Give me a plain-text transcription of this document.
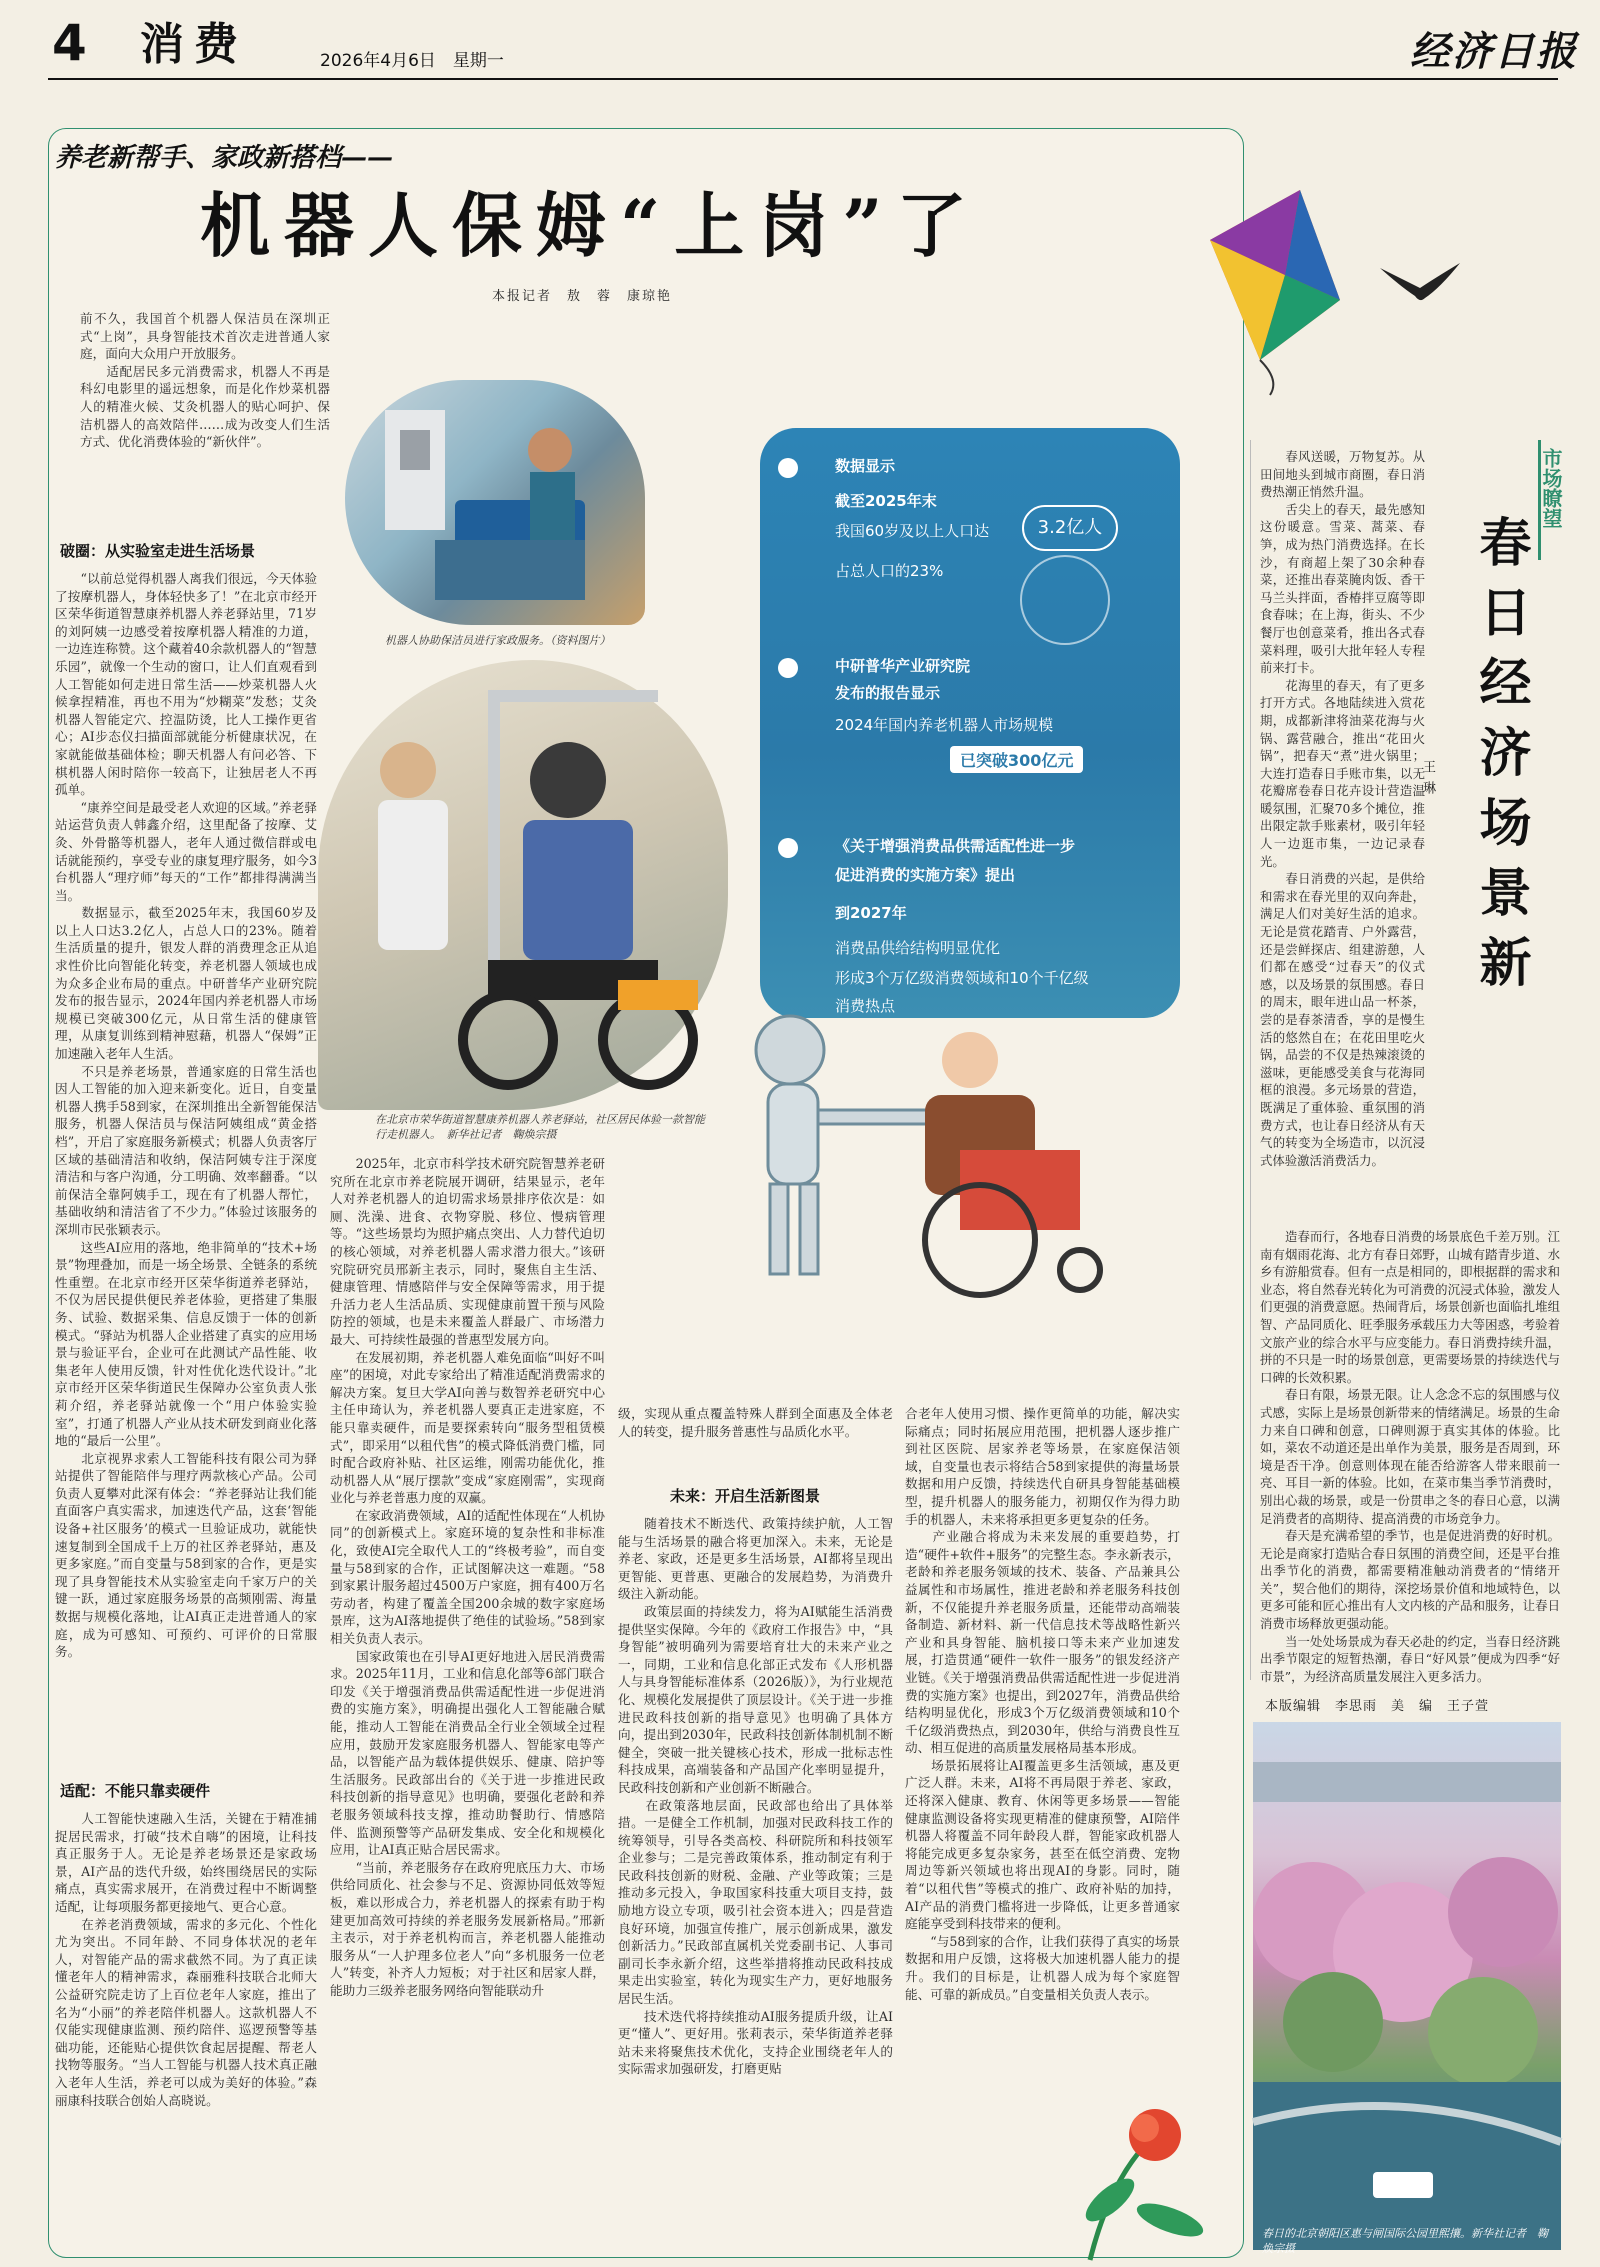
4 消费	2026年4月6日　星期一	经济日报
养老新帮手、家政新搭档——
机器人保姆“上岗”了
本报记者　敖　蓉　康琼艳
前不久，我国首个机器人保洁员在深圳正式“上岗”，具身智能技术首次走进普通人家庭，面向大众用户开放服务。
　　适配居民多元消费需求，机器人不再是科幻电影里的遥远想象，而是化作炒菜机器人的精准火候、艾灸机器人的贴心呵护、保洁机器人的高效陪伴……成为改变人们生活方式、优化消费体验的“新伙伴”。
机器人协助保洁员进行家政服务。（资料图片）
在北京市荣华街道智慧康养机器人养老驿站，社区居民体验一款智能行走机器人。　新华社记者　鞠焕宗摄
数据显示
截至2025年末
我国60岁及以上人口达	3.2亿人
占总人口的23%
中研普华产业研究院
发布的报告显示
2024年国内养老机器人市场规模
已突破300亿元
《关于增强消费品供需适配性进一步
促进消费的实施方案》提出
到2027年
消费品供给结构明显优化
形成3个万亿级消费领域和10个千亿级
消费热点
破圈：从实验室走进生活场景
　　“以前总觉得机器人离我们很远，今天体验了按摩机器人，身体轻快多了！”在北京市经开区荣华街道智慧康养机器人养老驿站里，71岁的刘阿姨一边感受着按摩机器人精准的力道，一边连连称赞。这个藏着40余款机器人的“智慧乐园”，就像一个生动的窗口，让人们直观看到人工智能如何走进日常生活——炒菜机器人火候拿捏精准，再也不用为“炒糊菜”发愁；艾灸机器人智能定穴、控温防烫，比人工操作更省心；AI步态仪扫描面部就能分析健康状况，在家就能做基础体检；聊天机器人有问必答、下棋机器人闲时陪你一较高下，让独居老人不再孤单。
　　“康养空间是最受老人欢迎的区域。”养老驿站运营负责人韩鑫介绍，这里配备了按摩、艾灸、外骨骼等机器人，老年人通过微信群或电话就能预约，享受专业的康复理疗服务，如今3台机器人“理疗师”每天的“工作”都排得满满当当。
　　数据显示，截至2025年末，我国60岁及以上人口达3.2亿人，占总人口的23%。随着生活质量的提升，银发人群的消费理念正从追求性价比向智能化转变，养老机器人领域也成为众多企业布局的重点。中研普华产业研究院发布的报告显示，2024年国内养老机器人市场规模已突破300亿元，从日常生活的健康管理，从康复训练到精神慰藉，机器人“保姆”正加速融入老年人生活。
　　不只是养老场景，普通家庭的日常生活也因人工智能的加入迎来新变化。近日，自变量机器人携手58到家，在深圳推出全新智能保洁服务，机器人保洁员与保洁阿姨组成“黄金搭档”，开启了家庭服务新模式；机器人负责客厅区域的基础清洁和收纳，保洁阿姨专注于深度清洁和与客户沟通，分工明确、效率翻番。“以前保洁全靠阿姨手工，现在有了机器人帮忙，基础收纳和清洁省了不少力。”体验过该服务的深圳市民张颖表示。
　　这些AI应用的落地，绝非简单的“技术+场景”物理叠加，而是一场全场景、全链条的系统性重塑。在北京市经开区荣华街道养老驿站，不仅为居民提供便民养老体验，更搭建了集服务、试验、数据采集、信息反馈于一体的创新模式。“驿站为机器人企业搭建了真实的应用场景与验证平台，企业可在此测试产品性能、收集老年人使用反馈，针对性优化迭代设计。”北京市经开区荣华街道民生保障办公室负责人张莉介绍，养老驿站就像一个“用户体验实验室”，打通了机器人产业从技术研发到商业化落地的“最后一公里”。
　　北京视界求索人工智能科技有限公司为驿站提供了智能陪伴与理疗两款核心产品。公司负责人夏攀对此深有体会：“养老驿站让我们能直面客户真实需求，加速迭代产品，这套‘智能设备+社区服务’的模式一旦验证成功，就能快速复制到全国成千上万的社区养老驿站，惠及更多家庭。”而自变量与58到家的合作，更是实现了具身智能技术从实验室走向千家万户的关键一跃，通过家庭服务场景的高频刚需、海量数据与规模化落地，让AI真正走进普通人的家庭，成为可感知、可预约、可评价的日常服务。
适配：不能只靠卖硬件
　　人工智能快速融入生活，关键在于精准捕捉居民需求，打破“技术自嗨”的困境，让科技真正服务于人。无论是养老场景还是家政场景，AI产品的迭代升级，始终围绕居民的实际痛点，真实需求展开，在消费过程中不断调整适配，让每项服务都更接地气、更合心意。
　　在养老消费领域，需求的多元化、个性化尤为突出。不同年龄、不同身体状况的老年人，对智能产品的需求截然不同。为了真正读懂老年人的精神需求，森丽雅科技联合北师大公益研究院走访了上百位老年人家庭，推出了名为“小丽”的养老陪伴机器人。这款机器人不仅能实现健康监测、预约陪伴、巡逻预警等基础功能，还能贴心提供饮食起居提醒、帮老人找物等服务。“当人工智能与机器人技术真正融入老年人生活，养老可以成为美好的体验。”森丽康科技联合创始人高晓说。
　　2025年，北京市科学技术研究院智慧养老研究所在北京市养老院展开调研，结果显示，老年人对养老机器人的迫切需求场景排序依次是：如厕、洗澡、进食、衣物穿脱、移位、慢病管理等。“这些场景均为照护痛点突出、人力替代迫切的核心领域，对养老机器人需求潜力很大。”该研究院研究员邢新主表示，同时，聚焦自主生活、健康管理、情感陪伴与安全保障等需求，用于提升活力老人生活品质、实现健康前置干预与风险防控的领域，也是未来覆盖人群最广、市场潜力最大、可持续性最强的普惠型发展方向。
　　在发展初期，养老机器人难免面临“叫好不叫座”的困境，对此专家给出了精准适配消费需求的解决方案。复旦大学AI向善与数智养老研究中心主任申琦认为，养老机器人要真正走进家庭，不能只靠卖硬件，而是要探索转向“服务型租赁模式”，即采用“以租代售”的模式降低消费门槛，同时配合政府补贴、社区运维，刚需功能优化，推动机器人从“展厅摆款”变成“家庭刚需”，实现商业化与养老普惠力度的双赢。
　　在家政消费领域，AI的适配性体现在“人机协同”的创新模式上。家庭环境的复杂性和非标准化，致使AI完全取代人工的“终极考验”，而自变量与58到家的合作，正试图解决这一难题。“58到家累计服务超过4500万户家庭，拥有400万名劳动者，构建了覆盖全国200余城的数字家庭场景库，这为AI落地提供了绝佳的试验场。”58到家相关负责人表示。
　　国家政策也在引导AI更好地进入居民消费需求。2025年11月，工业和信息化部等6部门联合印发《关于增强消费品供需适配性进一步促进消费的实施方案》，明确提出强化人工智能融合赋能，推动人工智能在消费品全行业全领域全过程应用，鼓励开发家庭服务机器人、智能家电等产品，以智能产品为载体提供娱乐、健康、陪护等生活服务。民政部出台的《关于进一步推进民政科技创新的指导意见》也明确，要强化老龄和养老服务领域科技支撑，推动助餐助行、情感陪伴、监测预警等产品研发集成、安全化和规模化应用，让AI真正贴合居民需求。
　　“当前，养老服务存在政府兜底压力大、市场供给同质化、社会参与不足、资源协同低效等短板，难以形成合力，养老机器人的探索有助于构建更加高效可持续的养老服务发展新格局。”邢新主表示，对于养老机构而言，养老机器人能推动服务从“一人护理多位老人”向“多机服务一位老人”转变，补齐人力短板；对于社区和居家人群，能助力三级养老服务网络向智能联动升
级，实现从重点覆盖特殊人群到全面惠及全体老人的转变，提升服务普惠性与品质化水平。
未来：开启生活新图景
　　随着技术不断迭代、政策持续护航，人工智能与生活场景的融合将更加深入。未来，无论是养老、家政，还是更多生活场景，AI都将呈现出更智能、更普惠、更融合的发展趋势，为消费升级注入新动能。
　　政策层面的持续发力，将为AI赋能生活消费提供坚实保障。今年的《政府工作报告》中，“具身智能”被明确列为需要培育壮大的未来产业之一，同期，工业和信息化部正式发布《人形机器人与具身智能标准体系（2026版）》，为行业规范化、规模化发展提供了顶层设计。《关于进一步推进民政科技创新的指导意见》也明确了具体方向，提出到2030年，民政科技创新体制机制不断健全，突破一批关键核心技术，形成一批标志性科技成果，高端装备和产品国产化率明显提升，民政科技创新和产业创新不断融合。
　　在政策落地层面，民政部也给出了具体举措。一是健全工作机制，加强对民政科技工作的统筹领导，引导各类高校、科研院所和科技领军企业参与；二是完善政策体系，推动制定有利于民政科技创新的财税、金融、产业等政策；三是推动多元投入，争取国家科技重大项目支持，鼓励地方设立专项，吸引社会资本进入；四是营造良好环境，加强宣传推广，展示创新成果，激发创新活力。”民政部直属机关党委副书记、人事司副司长李永新介绍，这些举措将推动民政科技成果走出实验室，转化为现实生产力，更好地服务居民生活。
　　技术迭代将持续推动AI服务提质升级，让AI更“懂人”、更好用。张莉表示，荣华街道养老驿站未来将聚焦技术优化，支持企业围绕老年人的实际需求加强研发，打磨更贴
合老年人使用习惯、操作更简单的功能，解决实际痛点；同时拓展应用范围，把机器人逐步推广到社区医院、居家养老等场景，在家庭保洁领域，自变量也表示将结合58到家提供的海量场景数据和用户反馈，持续迭代自研具身智能基础模型，提升机器人的服务能力，初期仅作为得力助手的机器人，未来将承担更多更复杂的任务。
　　产业融合将成为未来发展的重要趋势，打造“硬件+软件+服务”的完整生态。李永新表示，老龄和养老服务领域的技术、装备、产品兼具公益属性和市场属性，推进老龄和养老服务科技创新，不仅能提升养老服务质量，还能带动高端装备制造、新材料、新一代信息技术等战略性新兴产业和具身智能、脑机接口等未来产业加速发展，打造贯通“硬件一软件一服务”的银发经济产业链。《关于增强消费品供需适配性进一步促进消费的实施方案》也提出，到2027年，消费品供给结构明显优化，形成3个万亿级消费领域和10个千亿级消费热点，到2030年，供给与消费良性互动、相互促进的高质量发展格局基本形成。
　　场景拓展将让AI覆盖更多生活领域，惠及更广泛人群。未来，AI将不再局限于养老、家政，还将深入健康、教育、休闲等更多场景——智能健康监测设备将实现更精准的健康预警，AI陪伴机器人将覆盖不同年龄段人群，智能家政机器人将能完成更多复杂家务，甚至在低空消费、宠物周边等新兴领域也将出现AI的身影。同时，随着“以租代售”等模式的推广、政府补贴的加持，AI产品的消费门槛将进一步降低，让更多普通家庭能享受到科技带来的便利。
　　“与58到家的合作，让我们获得了真实的场景数据和用户反馈，这将极大加速机器人能力的提升。我们的目标是，让机器人成为每个家庭智能、可靠的新成员。”自变量相关负责人表示。
市场瞭望
春日经济场景新
王琳
　　春风送暖，万物复苏。从田间地头到城市商圈，春日消费热潮正悄然升温。
　　舌尖上的春天，最先感知这份暖意。雪菜、蒿菜、春笋，成为热门消费选择。在长沙，有商超上架了30余种春菜，还推出春菜腌肉饭、香干马兰头拌面，香椿拌豆腐等即食春味；在上海，街头、不少餐厅也创意菜肴，推出各式春菜料理，吸引大批年轻人专程前来打卡。
　　花海里的春天，有了更多打开方式。各地陆续进入赏花期，成都新津将油菜花海与火锅、露营融合，推出“花田火锅”，把春天“煮”进火锅里；大连打造春日手账市集，以无花瓣席卷春日花卉设计营造温暖氛围，汇聚70多个摊位，推出限定款手账素材，吸引年轻人一边逛市集，一边记录春光。
　　春日消费的兴起，是供给和需求在春光里的双向奔赴，满足人们对美好生活的追求。无论是赏花踏青、户外露营，还是尝鲜探店、组建游憩，人们都在感受“过春天”的仪式感，以及场景的氛围感。春日的周末，眼年进山品一杯茶，尝的是春茶清香，享的是慢生活的悠然自在；在花田里吃火锅，品尝的不仅是热辣滚烫的滋味，更能感受美食与花海同框的浪漫。多元场景的营造，既满足了重体验、重氛围的消费方式，也让春日经济从有天气的转变为全场造市，以沉浸式体验激活消费活力。
　　造春而行，各地春日消费的场景底色千差万别。江南有烟雨花海、北方有春日郊野，山城有踏青步道、水乡有游船赏春。但有一点是相同的，即根据群的需求和业态，将自然春光转化为可消费的沉浸式体验，激发人们更强的消费意愿。热闹背后，场景创新也面临扎堆组智、产品同质化、旺季服务承载压力大等困惑，考验着文旅产业的综合水平与应变能力。春日消费持续升温，拼的不只是一时的场景创意，更需要场景的持续迭代与口碑的长效积累。
　　春日有限，场景无限。让人念念不忘的氛围感与仪式感，实际上是场景创新带来的情绪满足。场景的生命力来自口碑和创意，口碑则源于真实其体的体验。比如，菜农不动道还是出单作为美景，服务是否周到，环境是否干净。创意则体现在能否给游客人带来眼前一亮、耳目一新的体验。比如，在菜市集当季节消费时，别出心裁的场景，或是一份贯串之冬的春日心意，以满足消费者的高期待、提高消费的市场竞争力。
　　春天是充满希望的季节，也是促进消费的好时机。无论是商家打造贴合春日氛围的消费空间，还是平台推出季节化的消费，都需要精准触动消费者的“情绪开关”，契合他们的期待，深挖场景价值和地域特色，以更多可能和匠心推出有人文内核的产品和服务，让春日消费市场释放更强动能。
　　当一处处场景成为春天必赴的约定，当春日经济跳出季节限定的短暂热潮，春日“好风景”便成为四季“好市景”，为经济高质量发展注入更多活力。
本版编辑　李思雨　美　编　王子萱
春日的北京朝阳区惠与闸国际公园里熙攘。新华社记者　鞠焕宗摄
